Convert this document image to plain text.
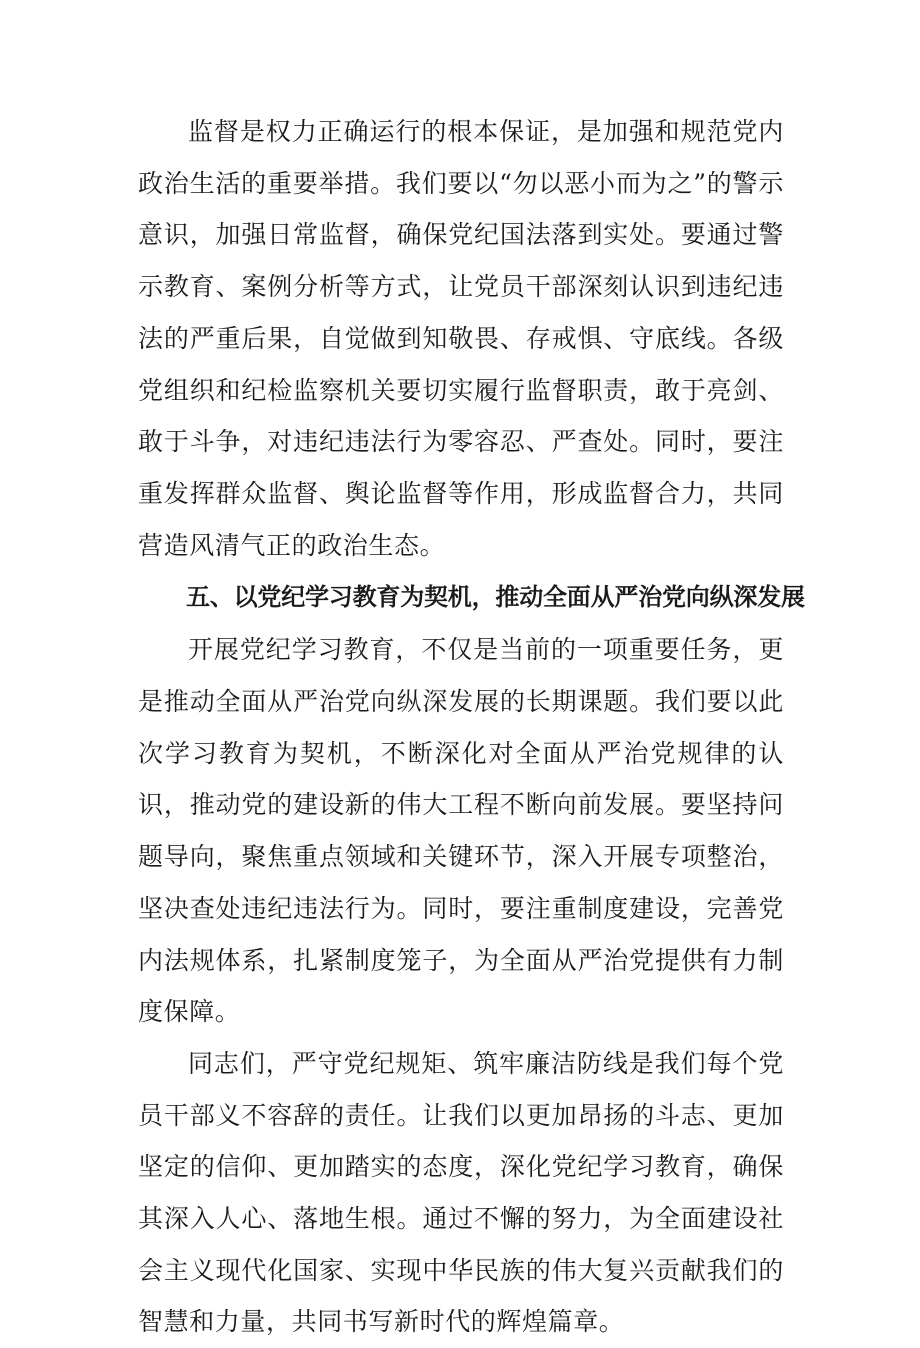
监督是权力正确运行的根本保证，是加强和规范党内政治生活的重要举措。我们要以“勿以恶小而为之”的警示意识，加强日常监督，确保党纪国法落到实处。要通过警示教育、案例分析等方式，让党员干部深刻认识到违纪违法的严重后果，自觉做到知敬畏、存戒惧、守底线。各级党组织和纪检监察机关要切实履行监督职责，敢于亮剑、敢于斗争，对违纪违法行为零容忍、严查处。同时，要注重发挥群众监督、舆论监督等作用，形成监督合力，共同营造风清气正的政治生态。

五、以党纪学习教育为契机，推动全面从严治党向纵深发展

开展党纪学习教育，不仅是当前的一项重要任务，更是推动全面从严治党向纵深发展的长期课题。我们要以此次学习教育为契机，不断深化对全面从严治党规律的认识，推动党的建设新的伟大工程不断向前发展。要坚持问题导向，聚焦重点领域和关键环节，深入开展专项整治，坚决查处违纪违法行为。同时，要注重制度建设，完善党内法规体系，扎紧制度笼子，为全面从严治党提供有力制度保障。

同志们，严守党纪规矩、筑牢廉洁防线是我们每个党员干部义不容辞的责任。让我们以更加昂扬的斗志、更加坚定的信仰、更加踏实的态度，深化党纪学习教育，确保其深入人心、落地生根。通过不懈的努力，为全面建设社会主义现代化国家、实现中华民族的伟大复兴贡献我们的智慧和力量，共同书写新时代的辉煌篇章。
